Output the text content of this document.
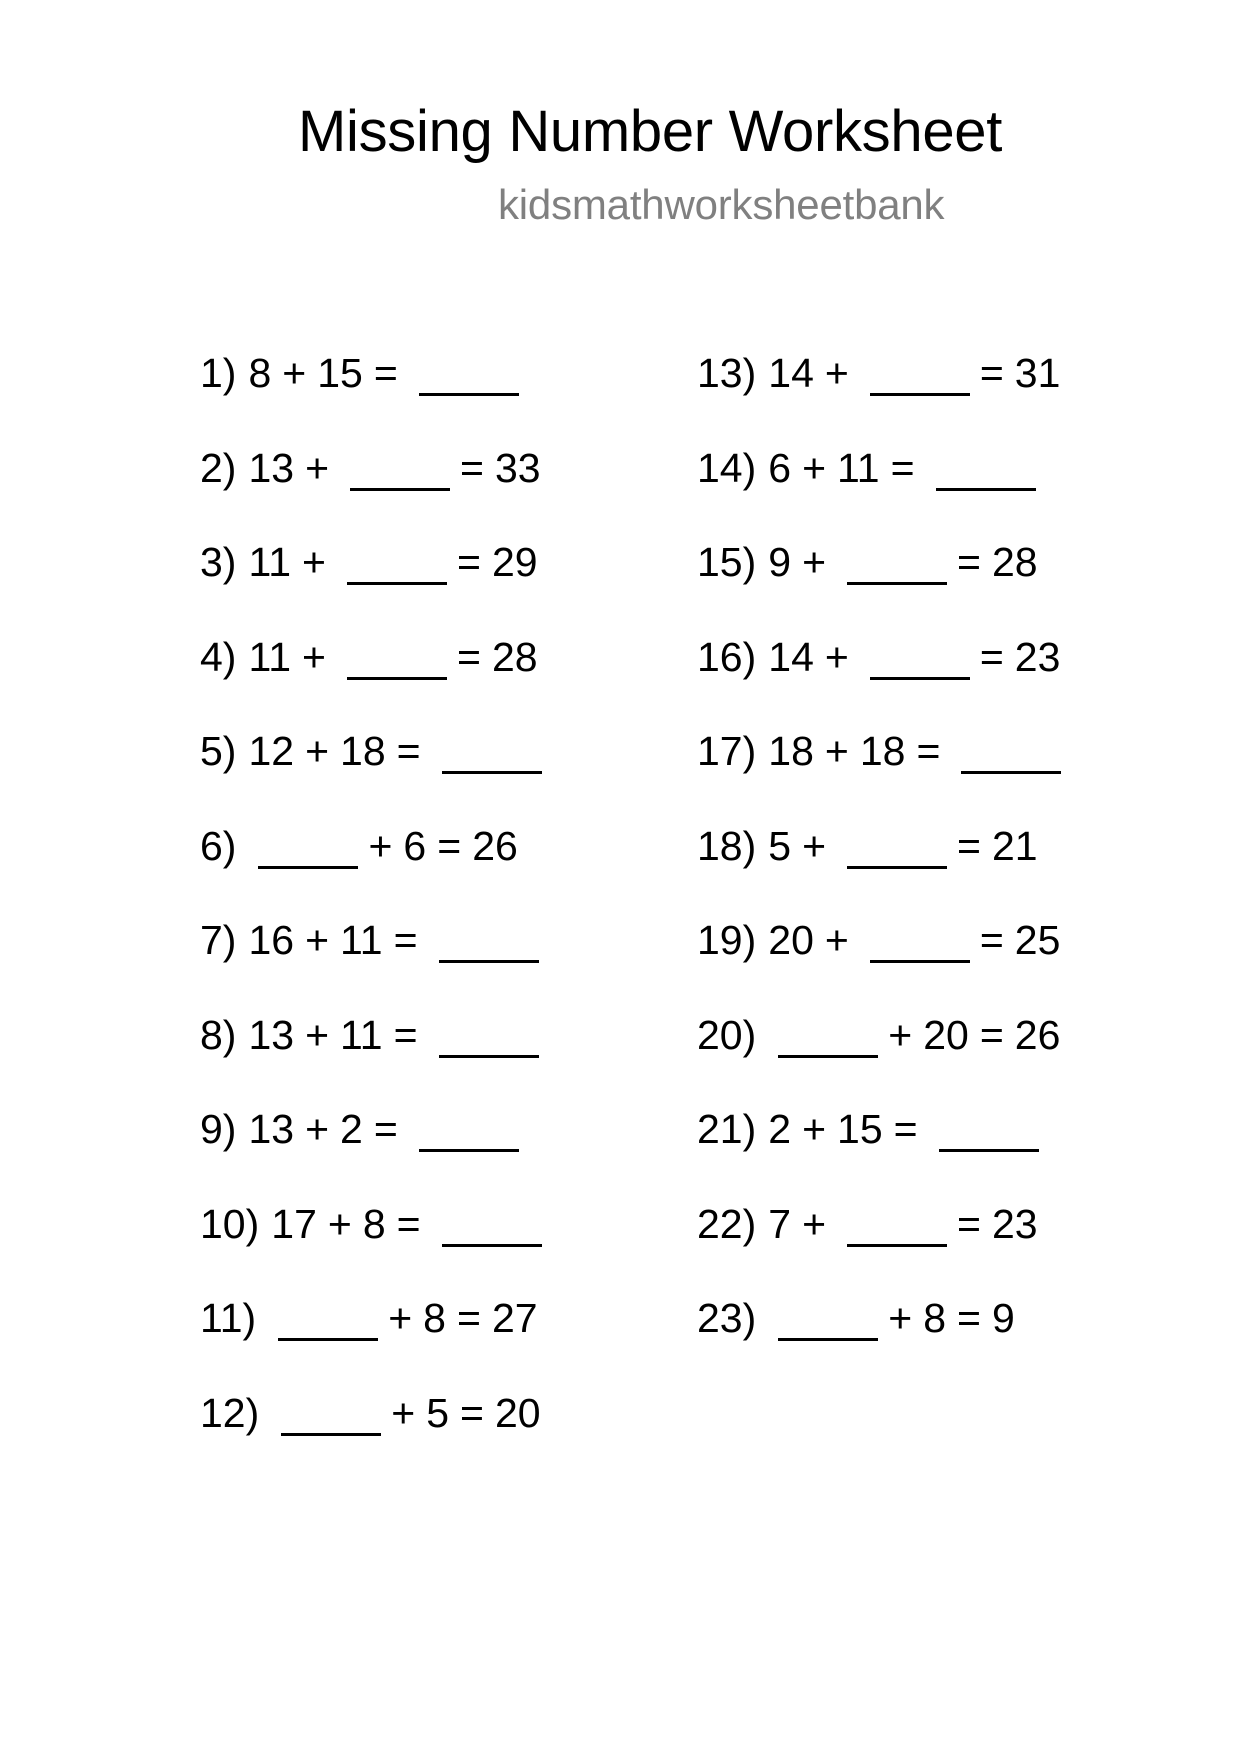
Missing Number Worksheet
kidsmathworksheetbank
1) 8 + 15 =
2) 13 +	= 33
3) 11 +	= 29
4) 11 +	= 28
5) 12 + 18 =
6)	+ 6 = 26
7) 16 + 11 =
8) 13 + 11 =
9) 13 + 2 =
10) 17 + 8 =
11)	+ 8 = 27
12)	+ 5 = 20
13) 14 +	= 31
14) 6 + 11 =
15) 9 +	= 28
16) 14 +	= 23
17) 18 + 18 =
18) 5 +	= 21
19) 20 +	= 25
20)	+ 20 = 26
21) 2 + 15 =
22) 7 +	= 23
23)	+ 8 = 9
